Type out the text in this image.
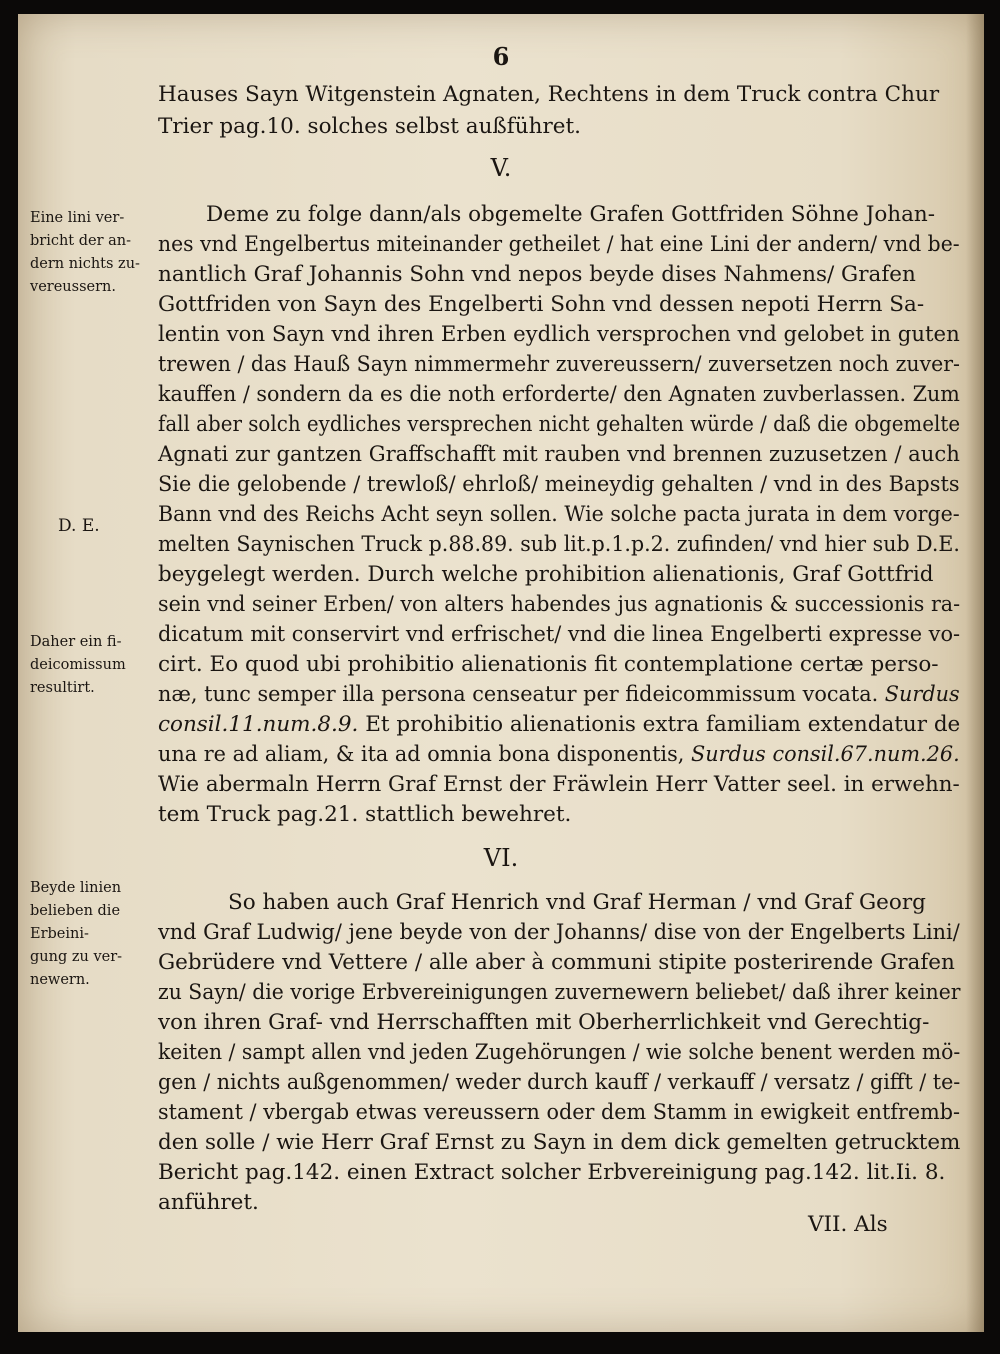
6

Hauses Sayn Witgenstein Agnaten, Rechtens in dem Truck contra Chur

Trier pag.10. solches selbst außführet.

V.

Deme zu folge dann/als obgemelte Grafen Gottfriden Söhne Johan-

nes vnd Engelbertus miteinander getheilet / hat eine Lini der andern/ vnd be-

nantlich Graf Johannis Sohn vnd nepos beyde dises Nahmens/ Grafen

Gottfriden von Sayn des Engelberti Sohn vnd dessen nepoti Herrn Sa-

lentin von Sayn vnd ihren Erben eydlich versprochen vnd gelobet in guten

trewen / das Hauß Sayn nimmermehr zuvereussern/ zuversetzen noch zuver-

kauffen / sondern da es die noth erforderte/ den Agnaten zuvberlassen. Zum

fall aber solch eydliches versprechen nicht gehalten würde / daß die obgemelte

Agnati zur gantzen Graffschafft mit rauben vnd brennen zuzusetzen / auch

Sie die gelobende / trewloß/ ehrloß/ meineydig gehalten / vnd in des Bapsts

Bann vnd des Reichs Acht seyn sollen. Wie solche pacta jurata in dem vorge-

melten Saynischen Truck p.88.89. sub lit.p.1.p.2. zufinden/ vnd hier sub D.E.

beygelegt werden. Durch welche prohibition alienationis, Graf Gottfrid

sein vnd seiner Erben/ von alters habendes jus agnationis & successionis ra-

dicatum mit conservirt vnd erfrischet/ vnd die linea Engelberti expresse vo-

cirt. Eo quod ubi prohibitio alienationis fit contemplatione certæ perso-

næ, tunc semper illa persona censeatur per fideicommissum vocata. Surdus

consil.11.num.8.9. Et prohibitio alienationis extra familiam extendatur de

una re ad aliam, & ita ad omnia bona disponentis, Surdus consil.67.num.26.

Wie abermaln Herrn Graf Ernst der Fräwlein Herr Vatter seel. in erwehn-

tem Truck pag.21. stattlich bewehret.

VI.

So haben auch Graf Henrich vnd Graf Herman / vnd Graf Georg

vnd Graf Ludwig/ jene beyde von der Johanns/ dise von der Engelberts Lini/

Gebrüdere vnd Vettere / alle aber à communi stipite posterirende Grafen

zu Sayn/ die vorige Erbvereinigungen zuvernewern beliebet/ daß ihrer keiner

von ihren Graf- vnd Herrschafften mit Oberherrlichkeit vnd Gerechtig-

keiten / sampt allen vnd jeden Zugehörungen / wie solche benent werden mö-

gen / nichts außgenommen/ weder durch kauff / verkauff / versatz / gifft / te-

stament / vbergab etwas vereussern oder dem Stamm in ewigkeit entfremb-

den solle / wie Herr Graf Ernst zu Sayn in dem dick gemelten getrucktem

Bericht pag.142. einen Extract solcher Erbvereinigung pag.142. lit.Ii. 8.

anführet.

VII. Als

Eine lini ver-

bricht der an-

dern nichts zu-

vereussern.

D. E.

Daher ein fi-

deicomissum

resultirt.

Beyde linien

belieben die

Erbeini-

gung zu ver-

newern.
